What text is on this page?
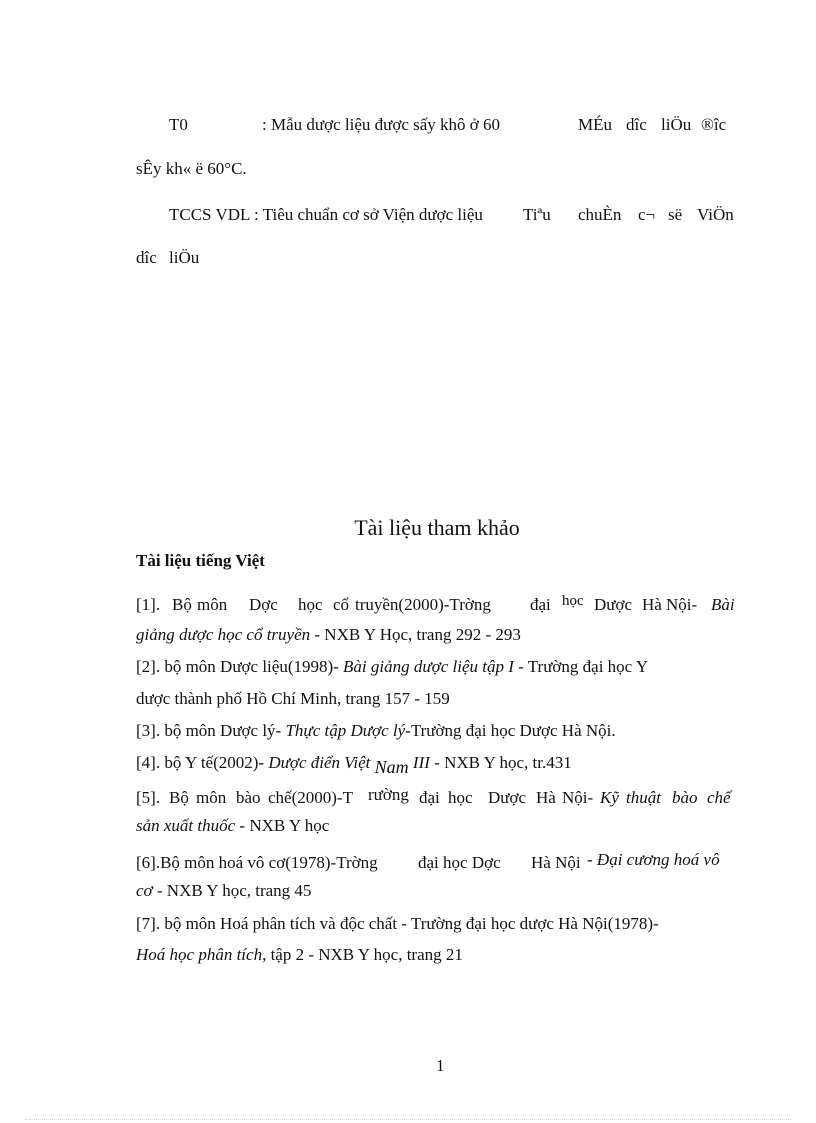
T0	: Mẫu dược liệu được sấy khô ở 60	MÉu dîc liÖu ®îc
sÊy kh« ë 60°C.
TCCS VDL : Tiêu chuẩn cơ sở Viện dược liệu Tiªu chuÈn c¬ së ViÖn
dîc liÖu
Tài liệu tham khảo
Tài liệu tiếng Việt
[1]. Bộ môn Dợc học cổ truyền(2000)-Trờng đại học Dược Hà Nội- Bài
giảng dược học cổ truyền - NXB Y Học, trang 292 - 293
[2]. bộ môn Dược liệu(1998)- Bài giảng dược liệu tập I - Trường đại học Y
dược thành phố Hồ Chí Minh, trang 157 - 159
[3]. bộ môn Dược lý- Thực tập Dược lý-Trường đại học Dược Hà Nội.
[4]. bộ Y tế(2002)- Dược điển Việt Nam III - NXB Y học, tr.431
[5]. Bộ môn bào chế(2000)-T rường đại học Dược Hà Nội- Kỹ thuật bào chế
sản xuất thuốc - NXB Y học
[6].Bộ môn hoá vô cơ(1978)-Trờng đại học Dợc Hà Nội - Đại cương hoá vô
cơ - NXB Y học, trang 45
[7]. bộ môn Hoá phân tích và độc chất - Trường đại học dược Hà Nội(1978)-
Hoá học phân tích, tập 2 - NXB Y học, trang 21
1
